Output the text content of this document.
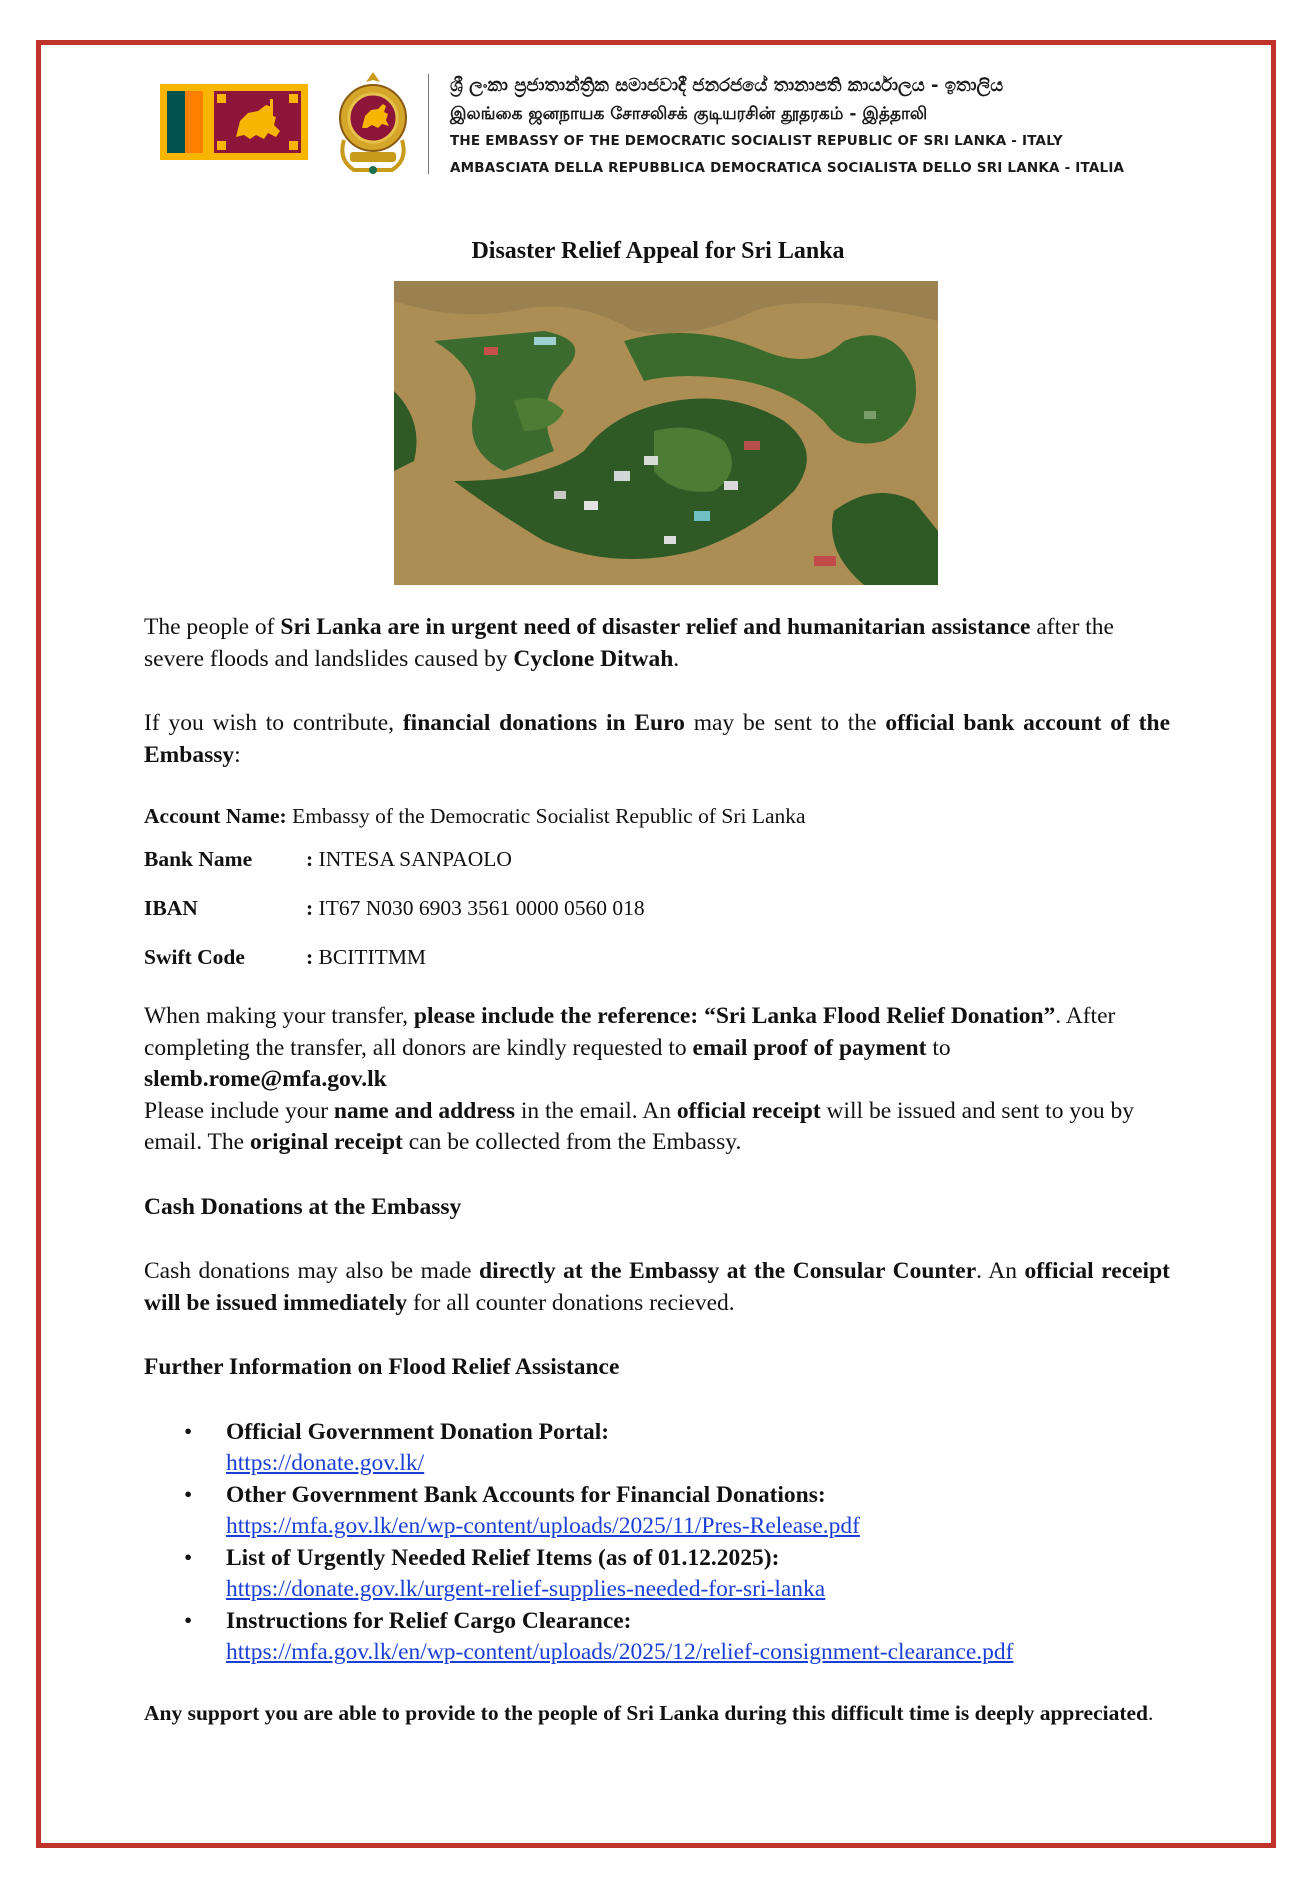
ශ්‍රී ලංකා ප්‍රජාතාන්ත්‍රික සමාජවාදී ජනරජයේ තානාපති කාර්යාලය - ඉතාලිය
இலங்கை ஜனநாயக சோசலிசக் குடியரசின் தூதரகம் - இத்தாலி
THE EMBASSY OF THE DEMOCRATIC SOCIALIST REPUBLIC OF SRI LANKA - ITALY
AMBASCIATA DELLA REPUBBLICA DEMOCRATICA SOCIALISTA DELLO SRI LANKA - ITALIA
Disaster Relief Appeal for Sri Lanka

The people of Sri Lanka are in urgent need of disaster relief and humanitarian assistance after the severe floods and landslides caused by Cyclone Ditwah.

If you wish to contribute, financial donations in Euro may be sent to the official bank account of the Embassy:

Account Name: Embassy of the Democratic Socialist Republic of Sri Lanka
Bank Name	:
INTESA SANPAOLO
IBAN	:
IT67 N030 6903 3561 0000 0560 018
Swift Code	:
BCITITMM

When making your transfer, please include the reference: “Sri Lanka Flood Relief Donation”. After completing the transfer, all donors are kindly requested to email proof of payment to slemb.rome@mfa.gov.lk

Please include your name and address in the email. An official receipt will be issued and sent to you by email. The original receipt can be collected from the Embassy.

Cash Donations at the Embassy

Cash donations may also be made directly at the Embassy at the Consular Counter. An official receipt will be issued immediately for all counter donations recieved.

Further Information on Flood Relief Assistance

• Official Government Donation Portal:
https://donate.gov.lk/
• Other Government Bank Accounts for Financial Donations:
https://mfa.gov.lk/en/wp-content/uploads/2025/11/Pres-Release.pdf
• List of Urgently Needed Relief Items (as of 01.12.2025):
https://donate.gov.lk/urgent-relief-supplies-needed-for-sri-lanka
• Instructions for Relief Cargo Clearance:
https://mfa.gov.lk/en/wp-content/uploads/2025/12/relief-consignment-clearance.pdf

Any support you are able to provide to the people of Sri Lanka during this difficult time is deeply appreciated.
